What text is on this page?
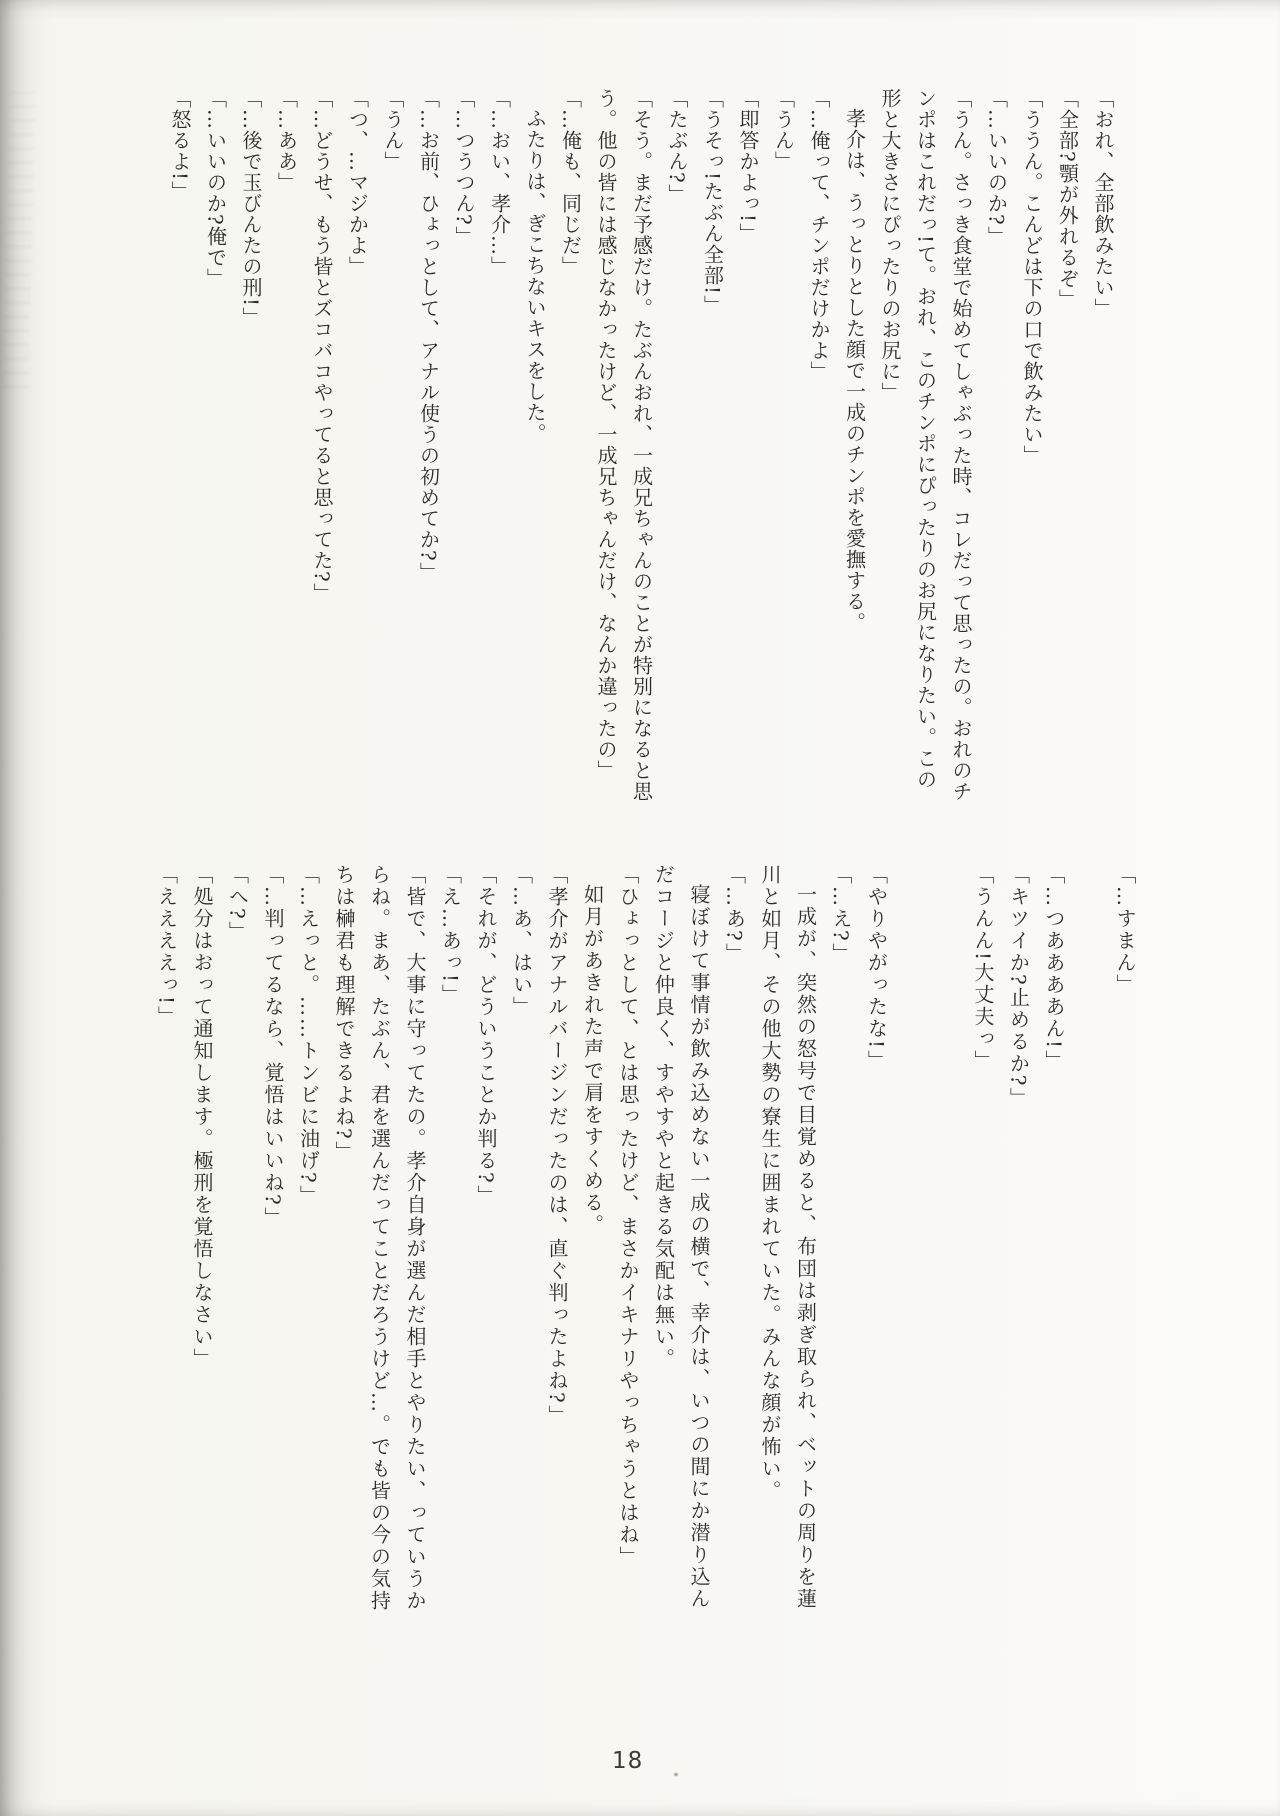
「おれ、全部飲みたい」
「全部?顎が外れるぞ」
「ううん。こんどは下の口で飲みたい」
「…いいのか?」
「うん。さっき食堂で始めてしゃぶった時、コレだって思ったの。おれのチ
ンポはこれだっ!て。おれ、このチンポにぴったりのお尻になりたい。この
形と大きさにぴったりのお尻に」
孝介は、うっとりとした顔で一成のチンポを愛撫する。
「…俺って、チンポだけかよ」
「うん」
「即答かよっ!」
「うそっ!たぶん全部!」
「たぶん?」
「そう。まだ予感だけ。たぶんおれ、一成兄ちゃんのことが特別になると思
う。他の皆には感じなかったけど、一成兄ちゃんだけ、なんか違ったの」
「…俺も、同じだ」
ふたりは、ぎこちないキスをした。
「…おい、孝介…」
「…つうつん?」
「…お前、ひょっとして、アナル使うの初めてか?」
「うん」
「つ、…マジかよ」
「…どうせ、もう皆とズコバコやってると思ってた?」
「…ああ」
「…後で玉びんたの刑!」
「…いいのか?俺で」
「怒るよ!」
「…すまん」
​
「…つああああん!」
「キツイか?止めるか?」
「うんん!大丈夫っ」
​
​
「やりやがったな!」
「…え?」
一成が、突然の怒号で目覚めると、布団は剥ぎ取られ、ベットの周りを蓮
川と如月、その他大勢の寮生に囲まれていた。みんな顔が怖い。
「…あ?」
寝ぼけて事情が飲み込めない一成の横で、幸介は、いつの間にか潜り込ん
だコージと仲良く、すやすやと起きる気配は無い。
「ひょっとして、とは思ったけど、まさかイキナリやっちゃうとはね」
如月があきれた声で肩をすくめる。
「孝介がアナルバージンだったのは、直ぐ判ったよね?」
「…あ、はい」
「それが、どういうことか判る?」
「え…あっ!」
「皆で、大事に守ってたの。孝介自身が選んだ相手とやりたい、っていうか
らね。まあ、たぶん、君を選んだってことだろうけど…。でも皆の今の気持
ちは榊君も理解できるよね?」
「…えっと。……トンビに油げ?」
「…判ってるなら、覚悟はいいね?」
「へ?」
「処分はおって通知します。極刑を覚悟しなさい」
「ええええっ!」
18
